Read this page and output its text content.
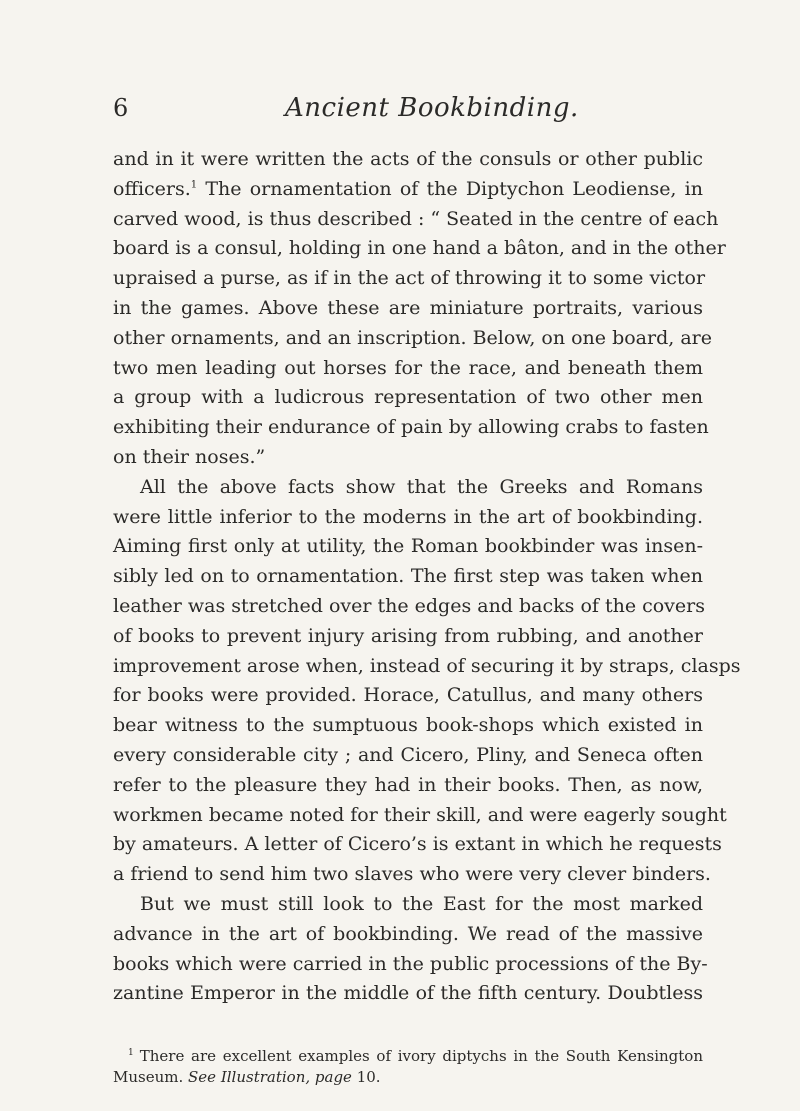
6	Ancient Bookbinding.
and in it were written the acts of the consuls or other public
officers.$^1$ The ornamentation of the Diptychon Leodiense, in
carved wood, is thus described : “ Seated in the centre of each
board is a consul, holding in one hand a bâton, and in the other
upraised a purse, as if in the act of throwing it to some victor
in the games. Above these are miniature portraits, various
other ornaments, and an inscription. Below, on one board, are
two men leading out horses for the race, and beneath them
a group with a ludicrous representation of two other men
exhibiting their endurance of pain by allowing crabs to fasten
on their noses.”
All the above facts show that the Greeks and Romans
were little inferior to the moderns in the art of bookbinding.
Aiming first only at utility, the Roman bookbinder was insen-
sibly led on to ornamentation. The first step was taken when
leather was stretched over the edges and backs of the covers
of books to prevent injury arising from rubbing, and another
improvement arose when, instead of securing it by straps, clasps
for books were provided. Horace, Catullus, and many others
bear witness to the sumptuous book-shops which existed in
every considerable city ; and Cicero, Pliny, and Seneca often
refer to the pleasure they had in their books. Then, as now,
workmen became noted for their skill, and were eagerly sought
by amateurs. A letter of Cicero’s is extant in which he requests
a friend to send him two slaves who were very clever binders.
But we must still look to the East for the most marked
advance in the art of bookbinding. We read of the massive
books which were carried in the public processions of the By-
zantine Emperor in the middle of the fifth century. Doubtless
$^1$ There are excellent examples of ivory diptychs in the South Kensington
Museum. See Illustration, page 10.
